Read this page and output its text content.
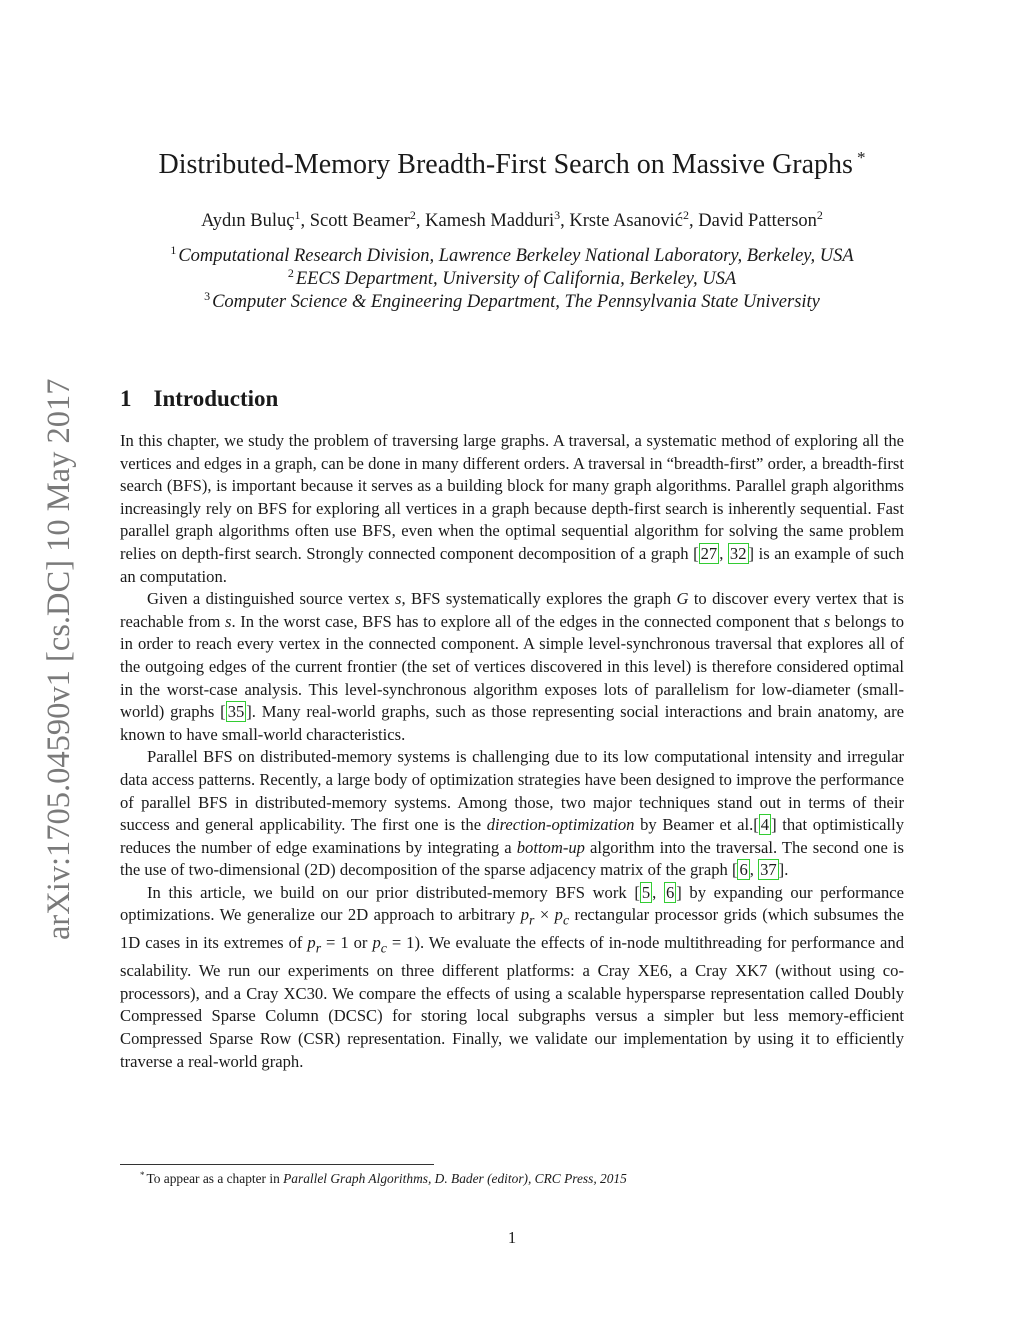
arXiv:1705.04590v1 [cs.DC] 10 May 2017
Distributed-Memory Breadth-First Search on Massive Graphs *
Aydın Buluç$^1$, Scott Beamer$^2$, Kamesh Madduri$^3$, Krste Asanović$^2$, David Patterson$^2$
$^1$ Computational Research Division, Lawrence Berkeley National Laboratory, Berkeley, USA
$^2$ EECS Department, University of California, Berkeley, USA
$^3$ Computer Science & Engineering Department, The Pennsylvania State University
1 Introduction

In this chapter, we study the problem of traversing large graphs. A traversal, a systematic method of exploring all the vertices and edges in a graph, can be done in many different orders. A traversal in “breadth-first” order, a breadth-first search (BFS), is important because it serves as a building block for many graph algorithms. Parallel graph algorithms increasingly rely on BFS for exploring all vertices in a graph because depth-first search is inherently sequential. Fast parallel graph algorithms often use BFS, even when the optimal sequential algorithm for solving the same problem relies on depth-first search. Strongly connected component decomposition of a graph [ 27 , 32 ] is an example of such an computation.

Given a distinguished source vertex s, BFS systematically explores the graph G to discover every vertex that is reachable from s. In the worst case, BFS has to explore all of the edges in the connected component that s belongs to in order to reach every vertex in the connected component. A simple level-synchronous traversal that explores all of the outgoing edges of the current frontier (the set of vertices discovered in this level) is therefore considered optimal in the worst-case analysis. This level-synchronous algorithm exposes lots of parallelism for low-diameter (small-world) graphs [ 35 ]. Many real-world graphs, such as those representing social interactions and brain anatomy, are known to have small-world characteristics.

Parallel BFS on distributed-memory systems is challenging due to its low computational intensity and irregular data access patterns. Recently, a large body of optimization strategies have been designed to improve the performance of parallel BFS in distributed-memory systems. Among those, two major techniques stand out in terms of their success and general applicability. The first one is the direction-optimization by Beamer et al.[ 4 ] that optimistically reduces the number of edge examinations by integrating a bottom-up algorithm into the traversal. The second one is the use of two-dimensional (2D) decomposition of the sparse adjacency matrix of the graph [ 6 , 37 ].

In this article, we build on our prior distributed-memory BFS work [ 5 , 6 ] by expanding our performance optimizations. We generalize our 2D approach to arbitrary $p_r \times p_c$ rectangular processor grids (which subsumes the 1D cases in its extremes of $p_r = 1$ or $p_c = 1$). We evaluate the effects of in-node multithreading for performance and scalability. We run our experiments on three different platforms: a Cray XE6, a Cray XK7 (without using co-processors), and a Cray XC30. We compare the effects of using a scalable hypersparse representation called Doubly Compressed Sparse Column (DCSC) for storing local subgraphs versus a simpler but less memory-efficient Compressed Sparse Row (CSR) representation. Finally, we validate our implementation by using it to efficiently traverse a real-world graph.

* To appear as a chapter in Parallel Graph Algorithms, D. Bader (editor), CRC Press, 2015
1
